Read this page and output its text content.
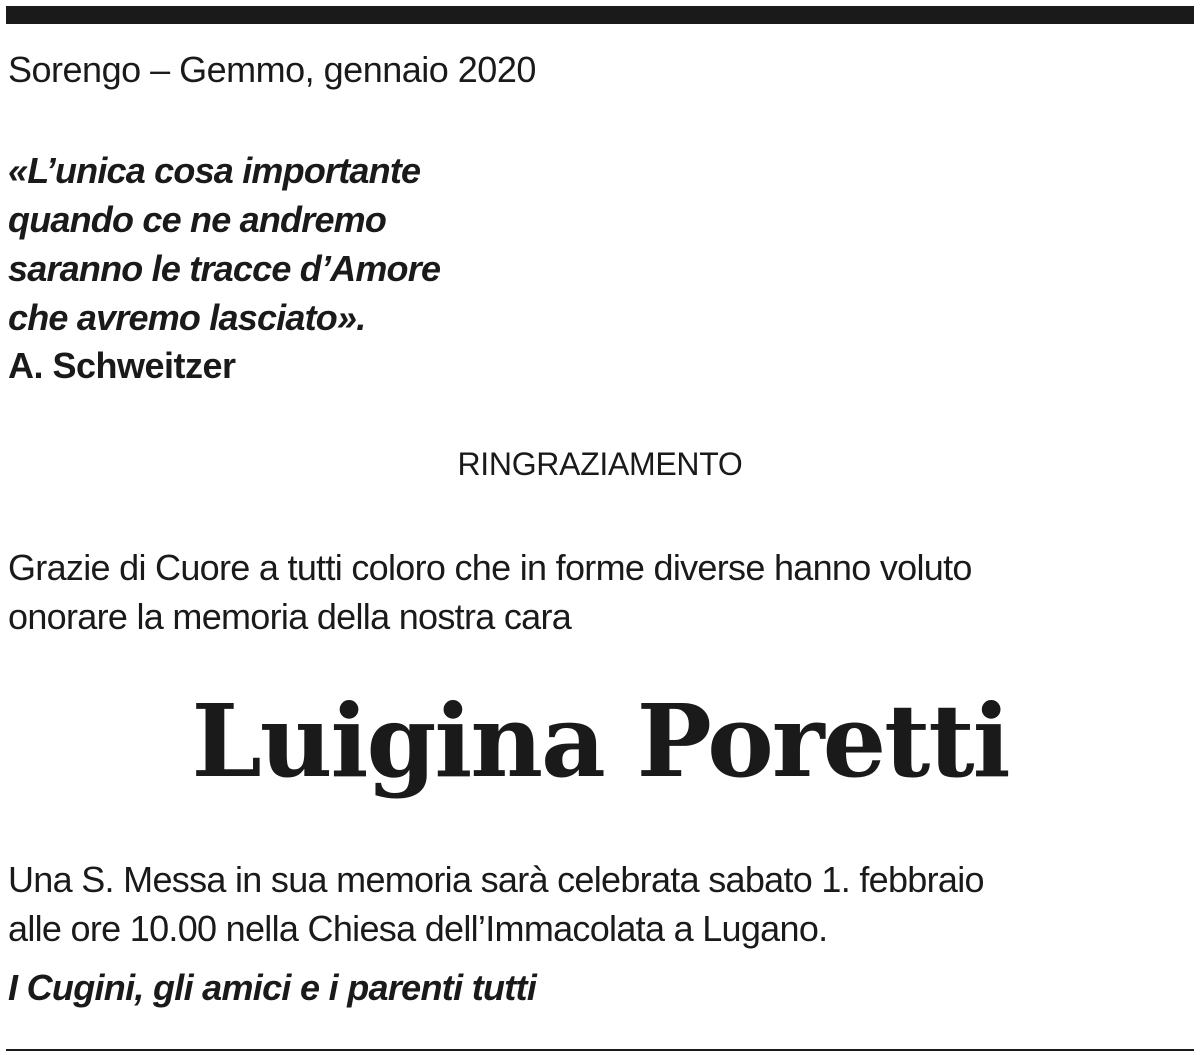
Sorengo – Gemmo, gennaio 2020
«L’unica cosa importante
quando ce ne andremo
saranno le tracce d’Amore
che avremo lasciato».
A. Schweitzer
RINGRAZIAMENTO
Grazie di Cuore a tutti coloro che in forme diverse hanno voluto
onorare la memoria della nostra cara
Luigina Poretti
Una S. Messa in sua memoria sarà celebrata sabato 1. febbraio
alle ore 10.00 nella Chiesa dell’Immacolata a Lugano.
I Cugini, gli amici e i parenti tutti
